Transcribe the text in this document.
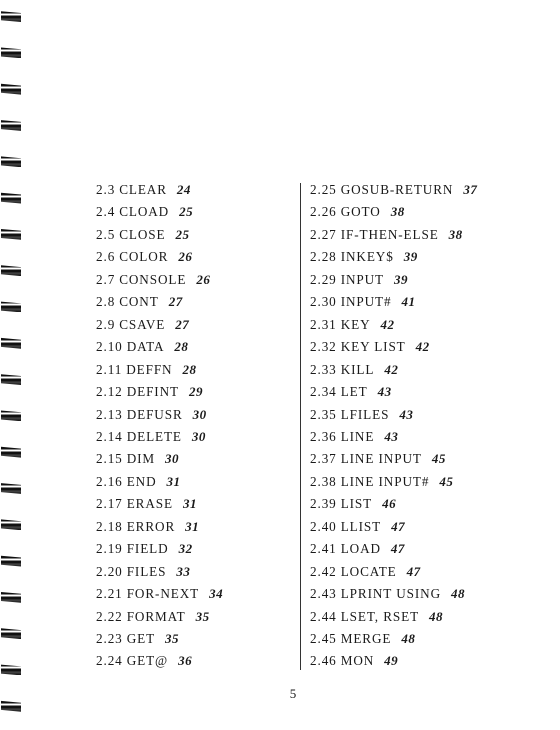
2.3 CLEAR 24
2.4 CLOAD 25
2.5 CLOSE 25
2.6 COLOR 26
2.7 CONSOLE 26
2.8 CONT 27
2.9 CSAVE 27
2.10 DATA 28
2.11 DEFFN 28
2.12 DEFINT 29
2.13 DEFUSR 30
2.14 DELETE 30
2.15 DIM 30
2.16 END 31
2.17 ERASE 31
2.18 ERROR 31
2.19 FIELD 32
2.20 FILES 33
2.21 FOR-NEXT 34
2.22 FORMAT 35
2.23 GET 35
2.24 GET@ 36
2.25 GOSUB-RETURN 37
2.26 GOTO 38
2.27 IF-THEN-ELSE 38
2.28 INKEY$ 39
2.29 INPUT 39
2.30 INPUT# 41
2.31 KEY 42
2.32 KEY LIST 42
2.33 KILL 42
2.34 LET 43
2.35 LFILES 43
2.36 LINE 43
2.37 LINE INPUT 45
2.38 LINE INPUT# 45
2.39 LIST 46
2.40 LLIST 47
2.41 LOAD 47
2.42 LOCATE 47
2.43 LPRINT USING 48
2.44 LSET, RSET 48
2.45 MERGE 48
2.46 MON 49
5
